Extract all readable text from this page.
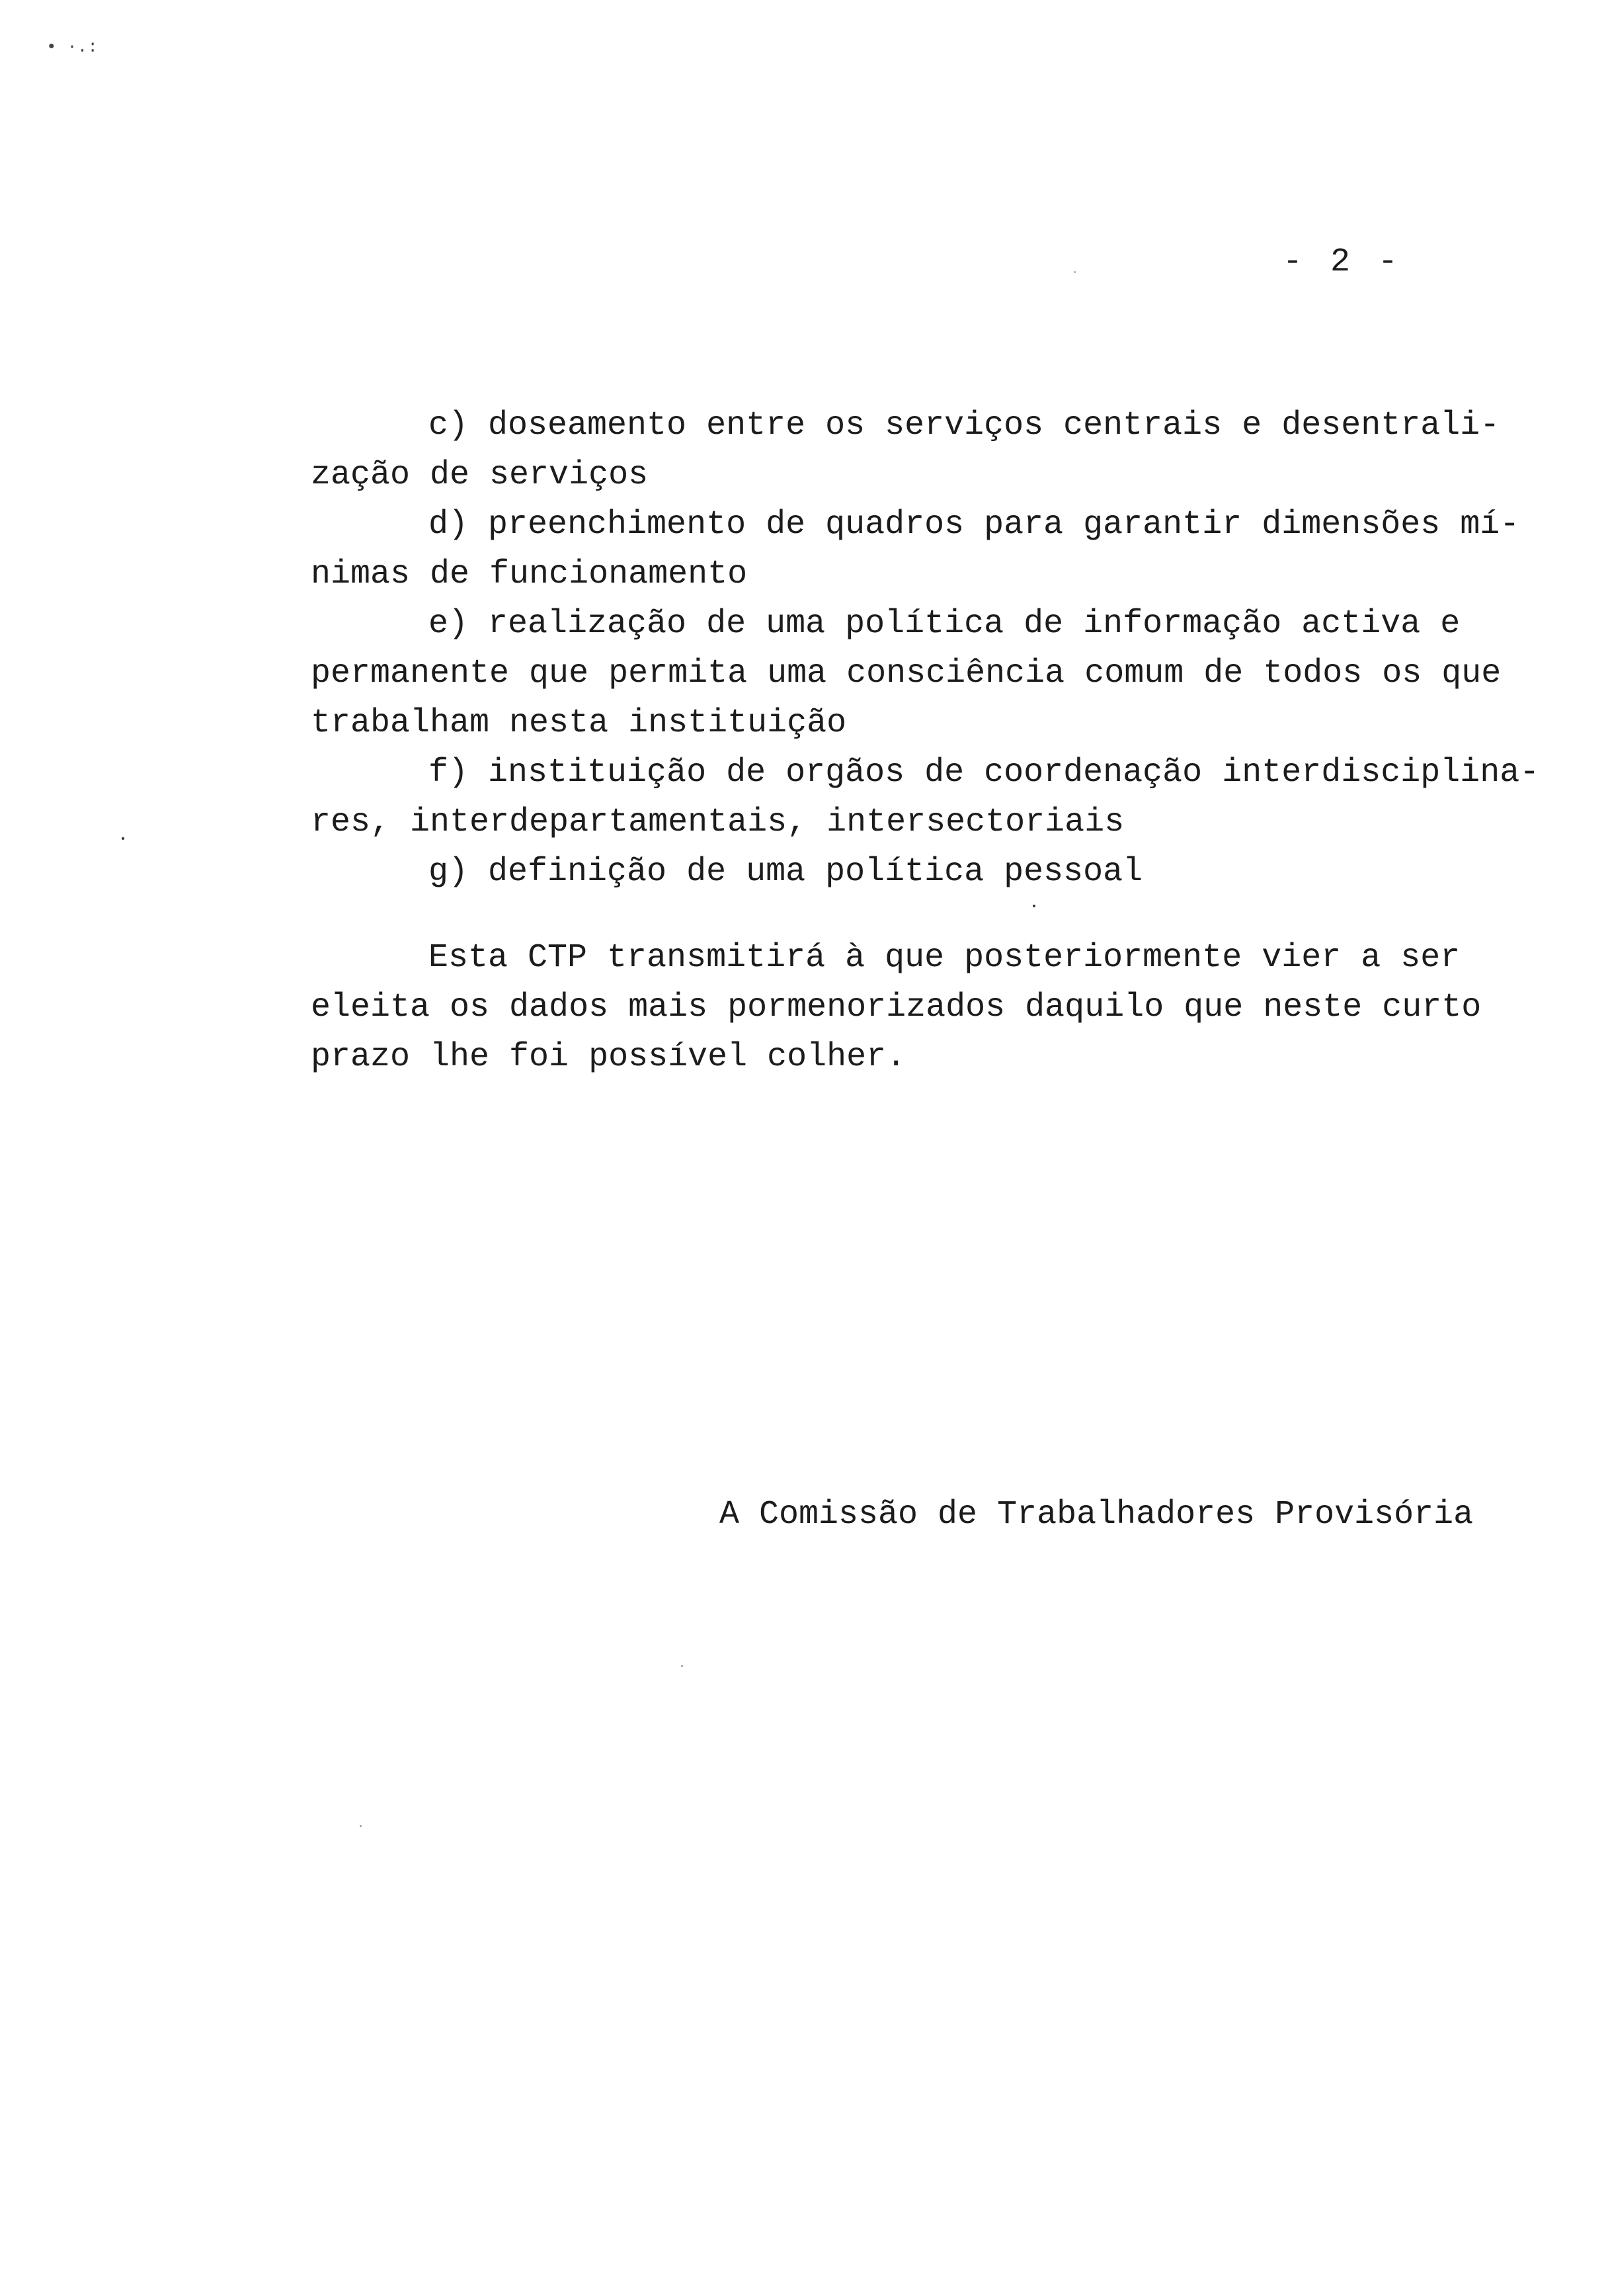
• ·.:
- 2 -
c) doseamento entre os serviços centrais e desentrali-
zação de serviços
d) preenchimento de quadros para garantir dimensões mí-
nimas de funcionamento
e) realização de uma política de informação activa e
permanente que permita uma consciência comum de todos os que
trabalham nesta instituição
f) instituição de orgãos de coordenação interdisciplina-
res, interdepartamentais, intersectoriais
g) definição de uma política pessoal
Esta CTP transmitirá à que posteriormente vier a ser
eleita os dados mais pormenorizados daquilo que neste curto
prazo lhe foi possível colher.
A Comissão de Trabalhadores Provisória
